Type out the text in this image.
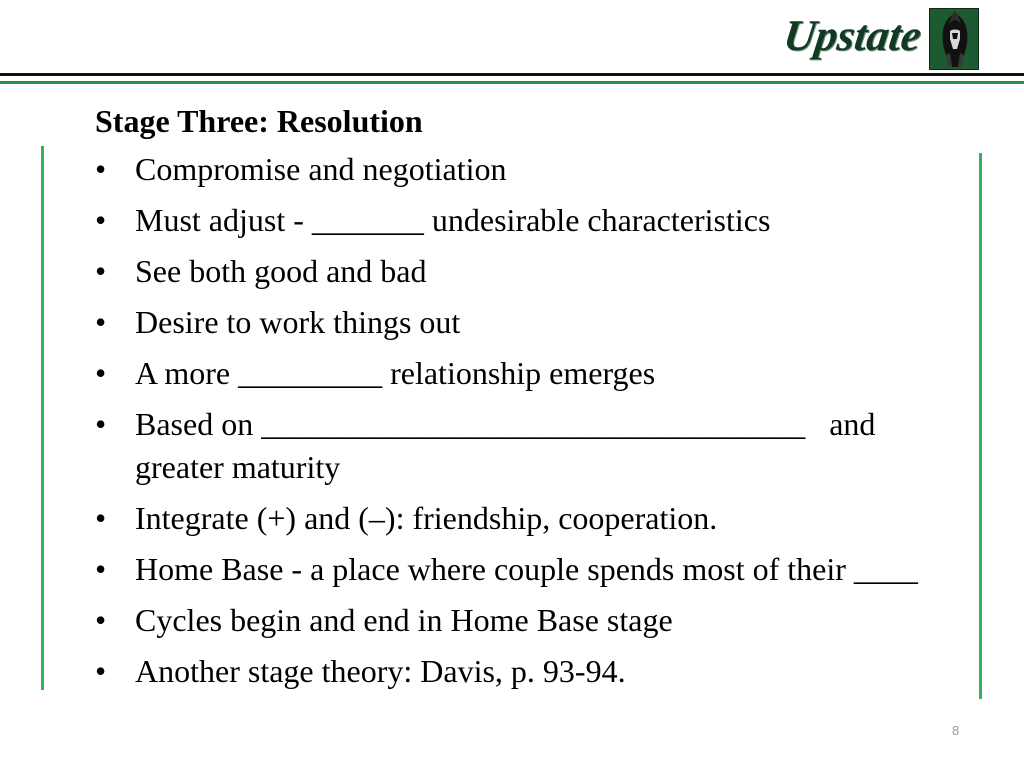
Upstate
Stage Three: Resolution
• Compromise and negotiation
• Must adjust - _______ undesirable characteristics
• See both good and bad
• Desire to work things out
• A more _________ relationship emerges
• Based on __________________________________   and greater maturity
• Integrate (+) and (–): friendship, cooperation.
• Home Base - a place where couple spends most of their ____
• Cycles begin and end in Home Base stage
• Another stage theory: Davis, p. 93-94.
8
